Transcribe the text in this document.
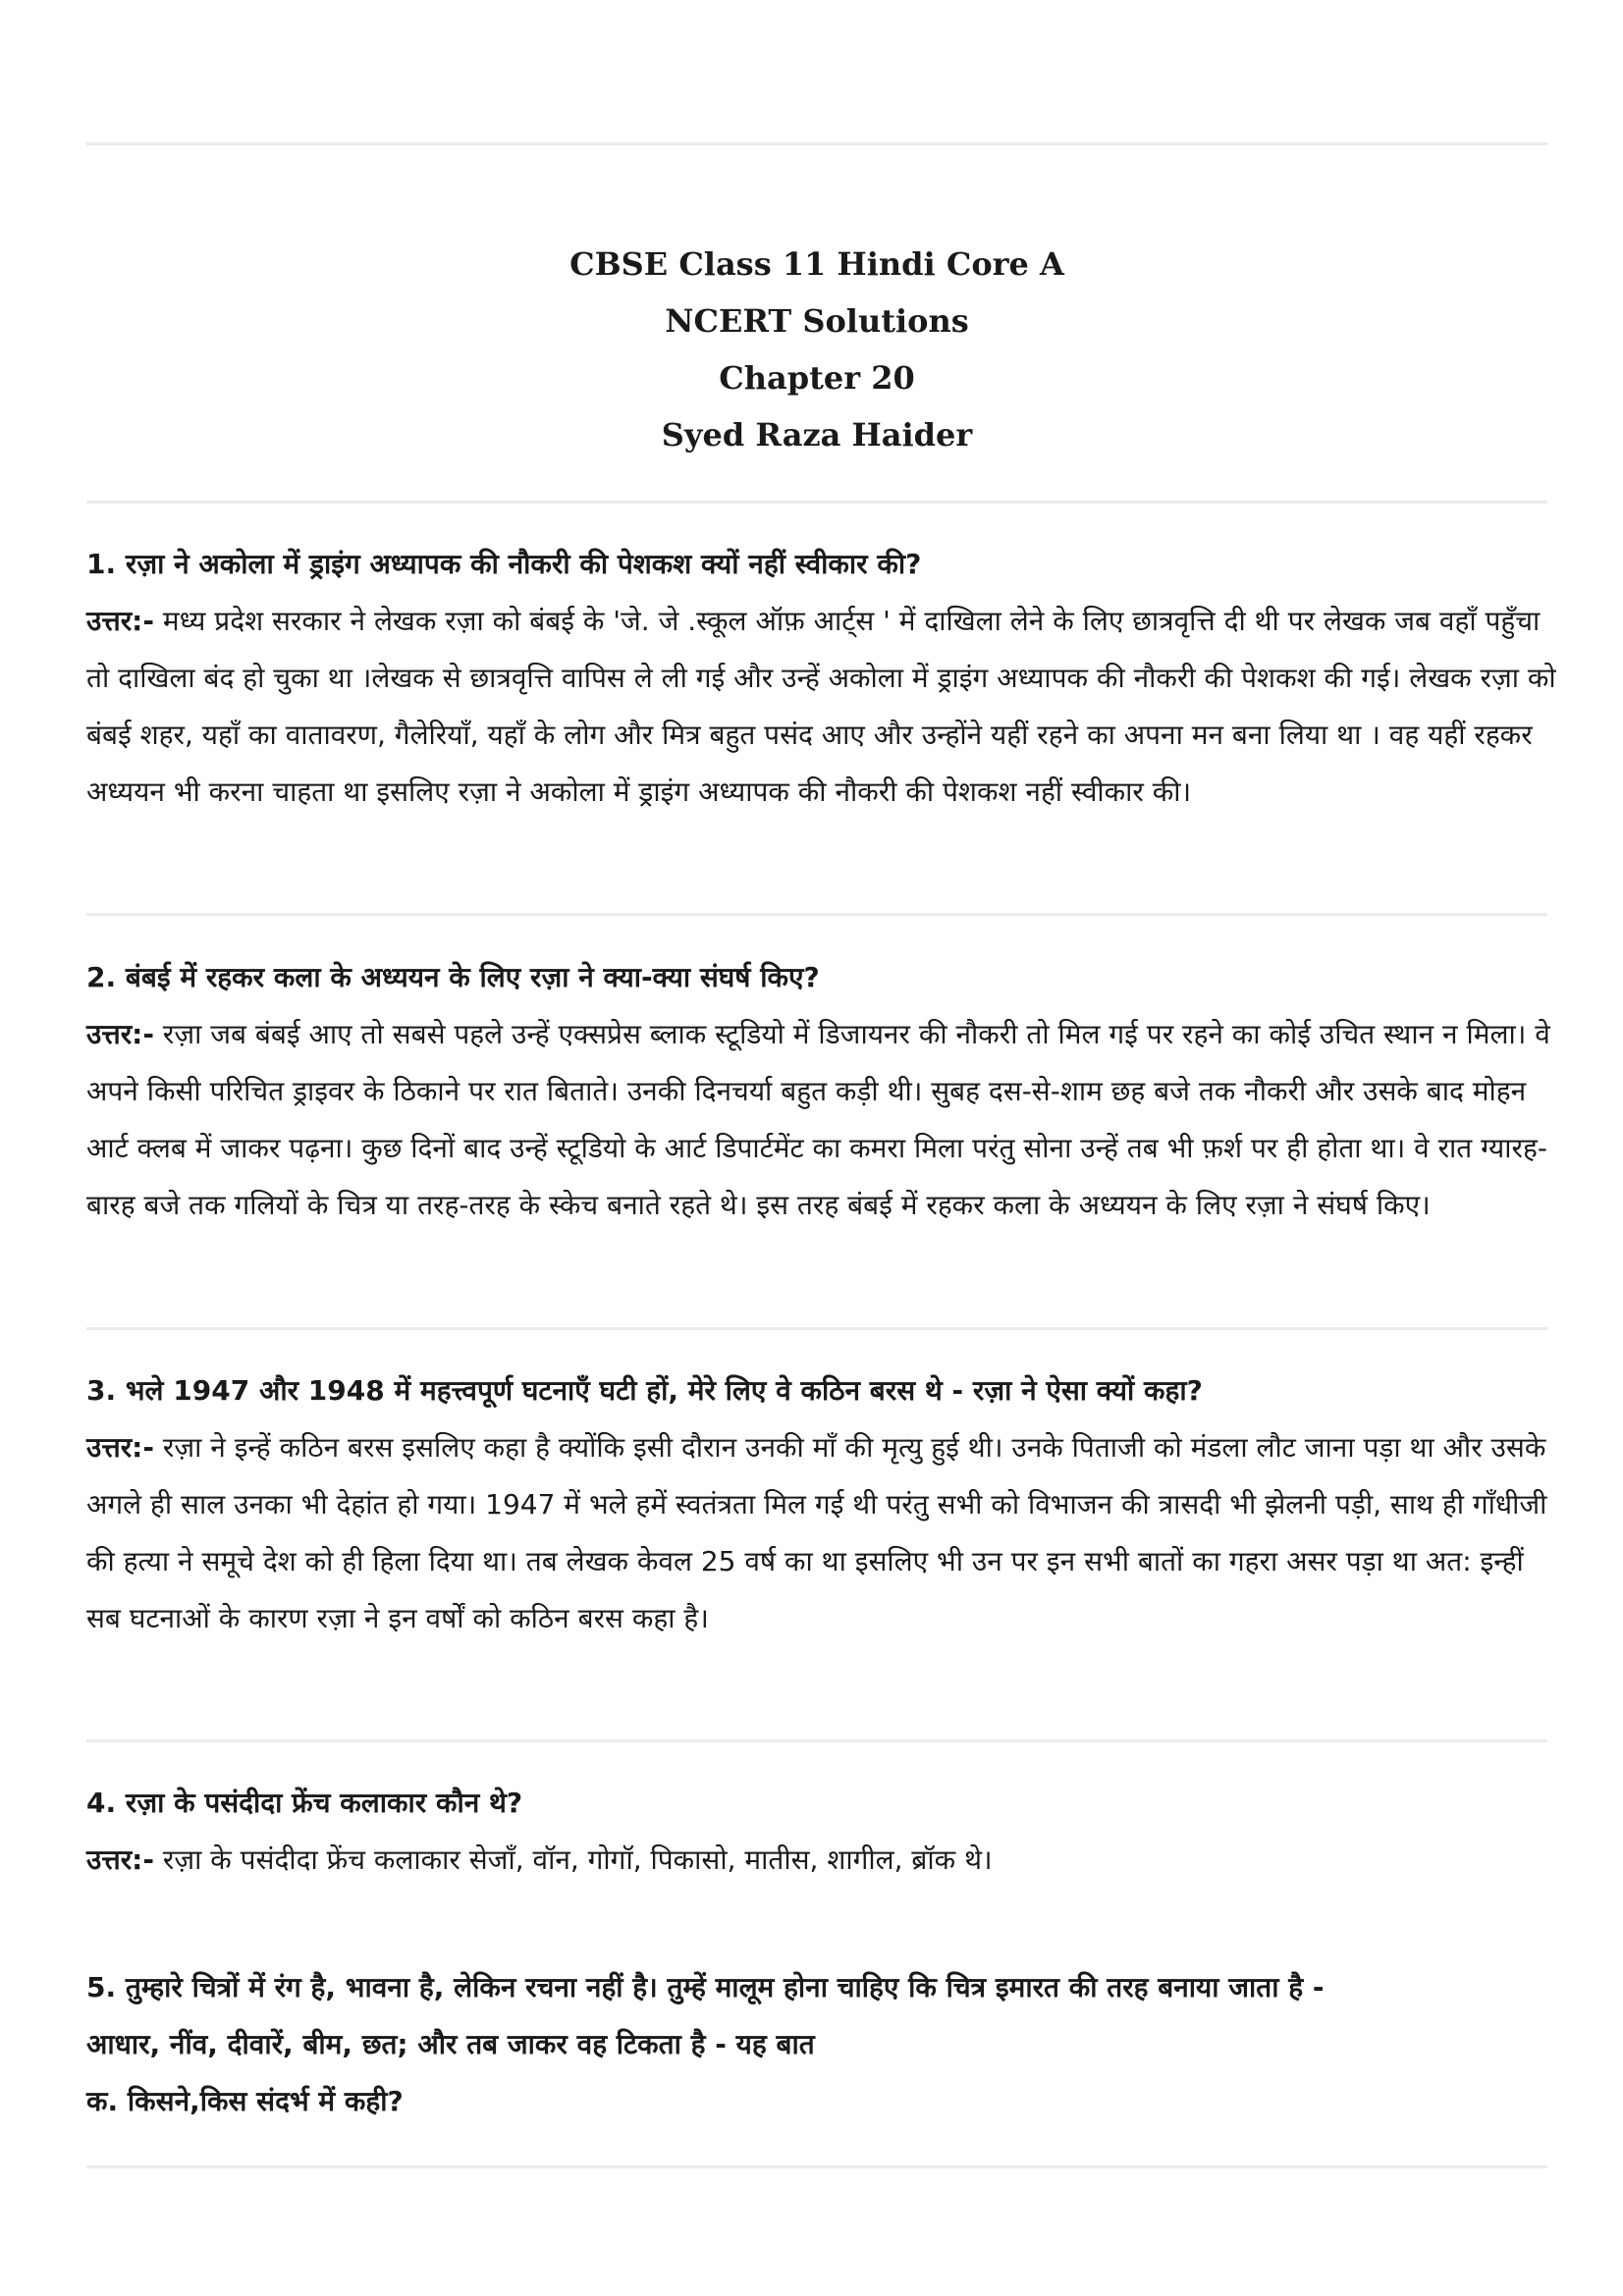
CBSE Class 11 Hindi Core A
NCERT Solutions
Chapter 20
Syed Raza Haider

1. रज़ा ने अकोला में ड्राइंग अध्यापक की नौकरी की पेशकश क्यों नहीं स्वीकार की?

उत्तर:- मध्य प्रदेश सरकार ने लेखक रज़ा को बंबई के 'जे. जे .स्कूल ऑफ़ आर्ट्स ' में दाखिला लेने के लिए छात्रवृत्ति दी थी पर लेखक जब वहाँ पहुँचा तो दाखिला बंद हो चुका था ।लेखक से छात्रवृत्ति वापिस ले ली गई और उन्हें अकोला में ड्राइंग अध्यापक की नौकरी की पेशकश की गई। लेखक रज़ा को बंबई शहर, यहाँ का वातावरण, गैलेरियाँ, यहाँ के लोग और मित्र बहुत पसंद आए और उन्होंने यहीं रहने का अपना मन बना लिया था । वह यहीं रहकर अध्ययन भी करना चाहता था इसलिए रज़ा ने अकोला में ड्राइंग अध्यापक की नौकरी की पेशकश नहीं स्वीकार की।

2. बंबई में रहकर कला के अध्ययन के लिए रज़ा ने क्या-क्या संघर्ष किए?

उत्तर:- रज़ा जब बंबई आए तो सबसे पहले उन्हें एक्सप्रेस ब्लाक स्टूडियो में डिजायनर की नौकरी तो मिल गई पर रहने का कोई उचित स्थान न मिला। वे अपने किसी परिचित ड्राइवर के ठिकाने पर रात बिताते। उनकी दिनचर्या बहुत कड़ी थी। सुबह दस-से-शाम छह बजे तक नौकरी और उसके बाद मोहन आर्ट क्लब में जाकर पढ़ना। कुछ दिनों बाद उन्हें स्टूडियो के आर्ट डिपार्टमेंट का कमरा मिला परंतु सोना उन्हें तब भी फ़र्श पर ही होता था। वे रात ग्यारह-बारह बजे तक गलियों के चित्र या तरह-तरह के स्केच बनाते रहते थे। इस तरह बंबई में रहकर कला के अध्ययन के लिए रज़ा ने संघर्ष किए।

3. भले 1947 और 1948 में महत्त्वपूर्ण घटनाएँ घटी हों, मेरे लिए वे कठिन बरस थे - रज़ा ने ऐसा क्यों कहा?

उत्तर:- रज़ा ने इन्हें कठिन बरस इसलिए कहा है क्योंकि इसी दौरान उनकी माँ की मृत्यु हुई थी। उनके पिताजी को मंडला लौट जाना पड़ा था और उसके अगले ही साल उनका भी देहांत हो गया। 1947 में भले हमें स्वतंत्रता मिल गई थी परंतु सभी को विभाजन की त्रासदी भी झेलनी पड़ी, साथ ही गाँधीजी की हत्या ने समूचे देश को ही हिला दिया था। तब लेखक केवल 25 वर्ष का था इसलिए भी उन पर इन सभी बातों का गहरा असर पड़ा था अत: इन्हीं सब घटनाओं के कारण रज़ा ने इन वर्षों को कठिन बरस कहा है।

4. रज़ा के पसंदीदा फ्रेंच कलाकार कौन थे?

उत्तर:- रज़ा के पसंदीदा फ्रेंच कलाकार सेजाँ, वॉन, गोगॉ, पिकासो, मातीस, शागील, ब्रॉक थे।

5. तुम्हारे चित्रों में रंग है, भावना है, लेकिन रचना नहीं है। तुम्हें मालूम होना चाहिए कि चित्र इमारत की तरह बनाया जाता है -

आधार, नींव, दीवारें, बीम, छत; और तब जाकर वह टिकता है - यह बात

क. किसने,किस संदर्भ में कही?
